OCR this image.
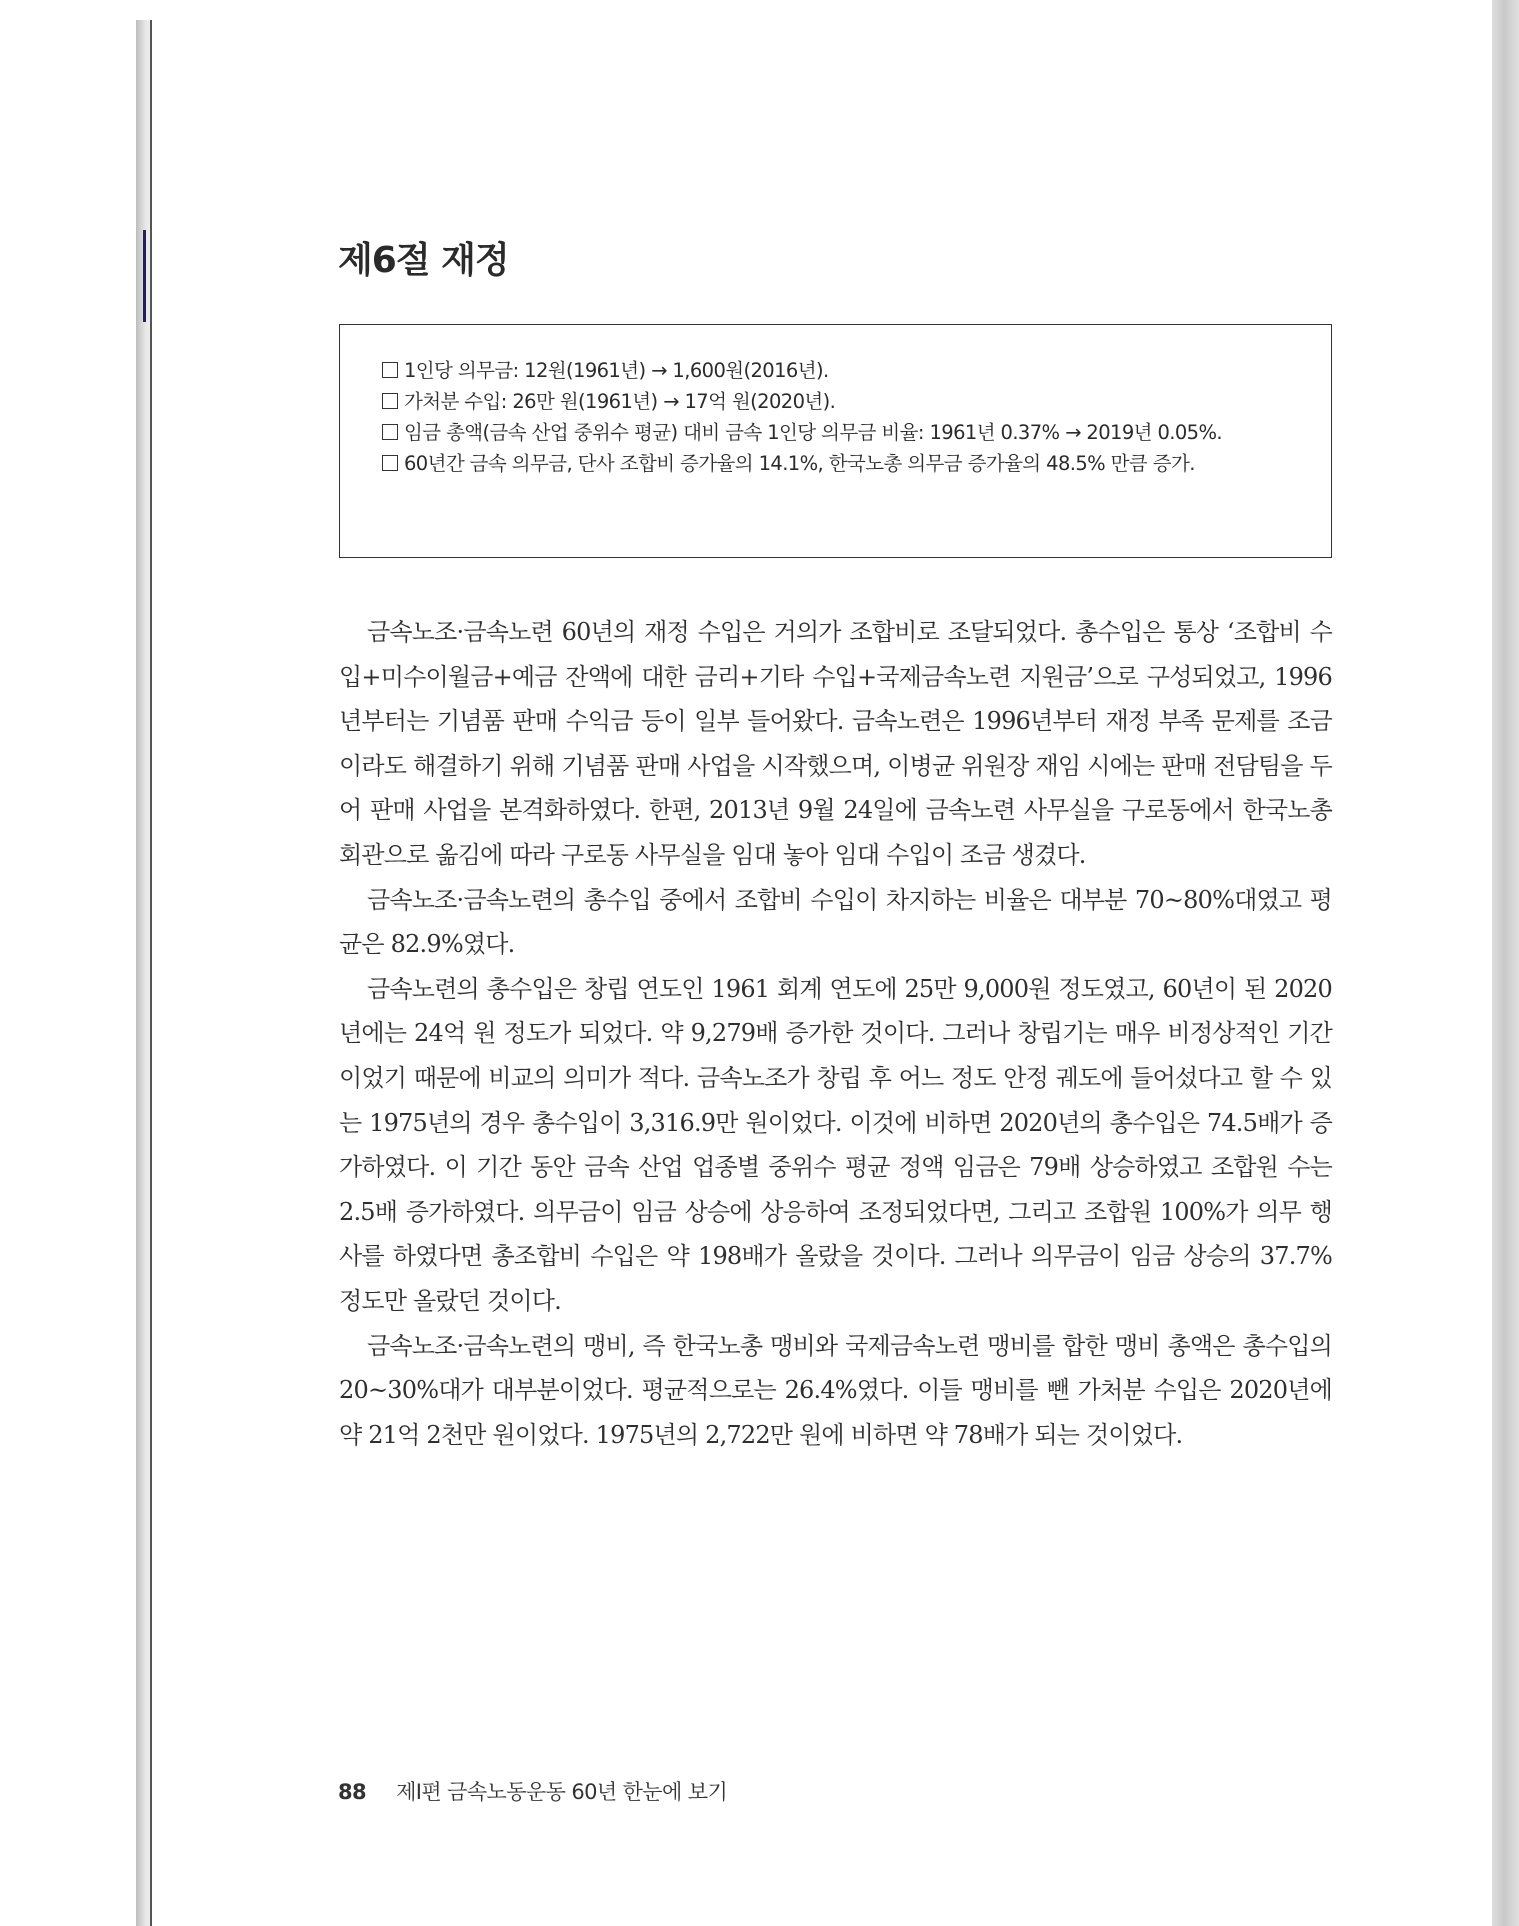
제6절 재정
1인당 의무금: 12원(1961년) → 1,600원(2016년).
가처분 수입: 26만 원(1961년) → 17억 원(2020년).
임금 총액(금속 산업 중위수 평균) 대비 금속 1인당 의무금 비율: 1961년 0.37% → 2019년 0.05%.
60년간 금속 의무금, 단사 조합비 증가율의 14.1%, 한국노총 의무금 증가율의 48.5% 만큼 증가.

금속노조·금속노련 60년의 재정 수입은 거의가 조합비로 조달되었다. 총수입은 통상 ‘조합비 수입+미수이월금+예금 잔액에 대한 금리+기타 수입+국제금속노련 지원금’으로 구성되었고, 1996년부터는 기념품 판매 수익금 등이 일부 들어왔다. 금속노련은 1996년부터 재정 부족 문제를 조금이라도 해결하기 위해 기념품 판매 사업을 시작했으며, 이병균 위원장 재임 시에는 판매 전담팀을 두어 판매 사업을 본격화하였다. 한편, 2013년 9월 24일에 금속노련 사무실을 구로동에서 한국노총 회관으로 옮김에 따라 구로동 사무실을 임대 놓아 임대 수입이 조금 생겼다.

금속노조·금속노련의 총수입 중에서 조합비 수입이 차지하는 비율은 대부분 70~80%대였고 평균은 82.9%였다.

금속노련의 총수입은 창립 연도인 1961 회계 연도에 25만 9,000원 정도였고, 60년이 된 2020년에는 24억 원 정도가 되었다. 약 9,279배 증가한 것이다. 그러나 창립기는 매우 비정상적인 기간이었기 때문에 비교의 의미가 적다. 금속노조가 창립 후 어느 정도 안정 궤도에 들어섰다고 할 수 있는 1975년의 경우 총수입이 3,316.9만 원이었다. 이것에 비하면 2020년의 총수입은 74.5배가 증가하였다. 이 기간 동안 금속 산업 업종별 중위수 평균 정액 임금은 79배 상승하였고 조합원 수는 2.5배 증가하였다. 의무금이 임금 상승에 상응하여 조정되었다면, 그리고 조합원 100%가 의무 행사를 하였다면 총조합비 수입은 약 198배가 올랐을 것이다. 그러나 의무금이 임금 상승의 37.7% 정도만 올랐던 것이다.

금속노조·금속노련의 맹비, 즉 한국노총 맹비와 국제금속노련 맹비를 합한 맹비 총액은 총수입의 20~30%대가 대부분이었다. 평균적으로는 26.4%였다. 이들 맹비를 뺀 가처분 수입은 2020년에 약 21억 2천만 원이었다. 1975년의 2,722만 원에 비하면 약 78배가 되는 것이었다.

88 제Ⅰ편 금속노동운동 60년 한눈에 보기
